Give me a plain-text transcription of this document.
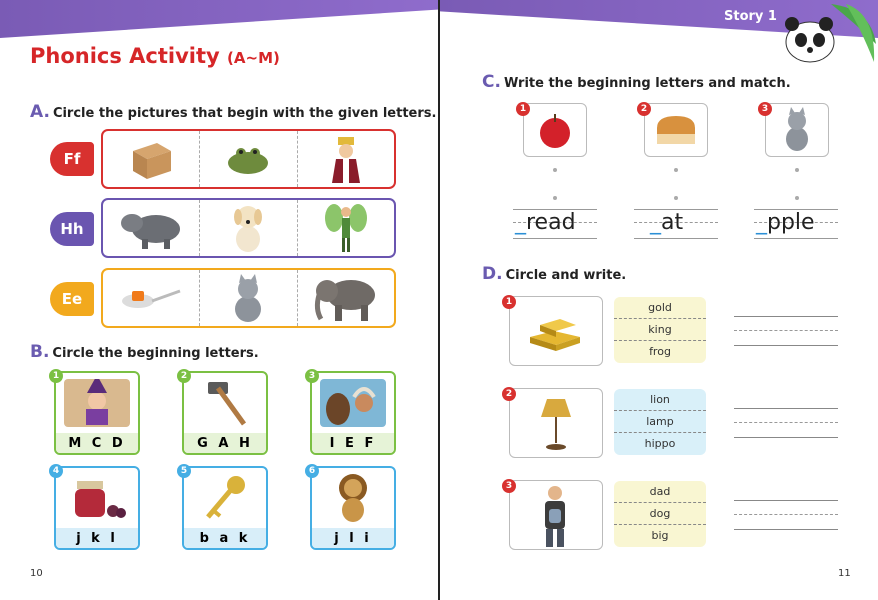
Story 1
Phonics Activity (A~M)
A. Circle the pictures that begin with the given letters.
Ff
Hh
Ee
B. Circle the beginning letters.
M C D
1
G A H
2
I E F
3
j k l
4
b a k
5
j l i
6
10
C. Write the beginning letters and match.
1	2	3
_read	_at	_pple
D. Circle and write.
1	gold
king
frog
2	lion
lamp
hippo
3	dad
dog
big
11
